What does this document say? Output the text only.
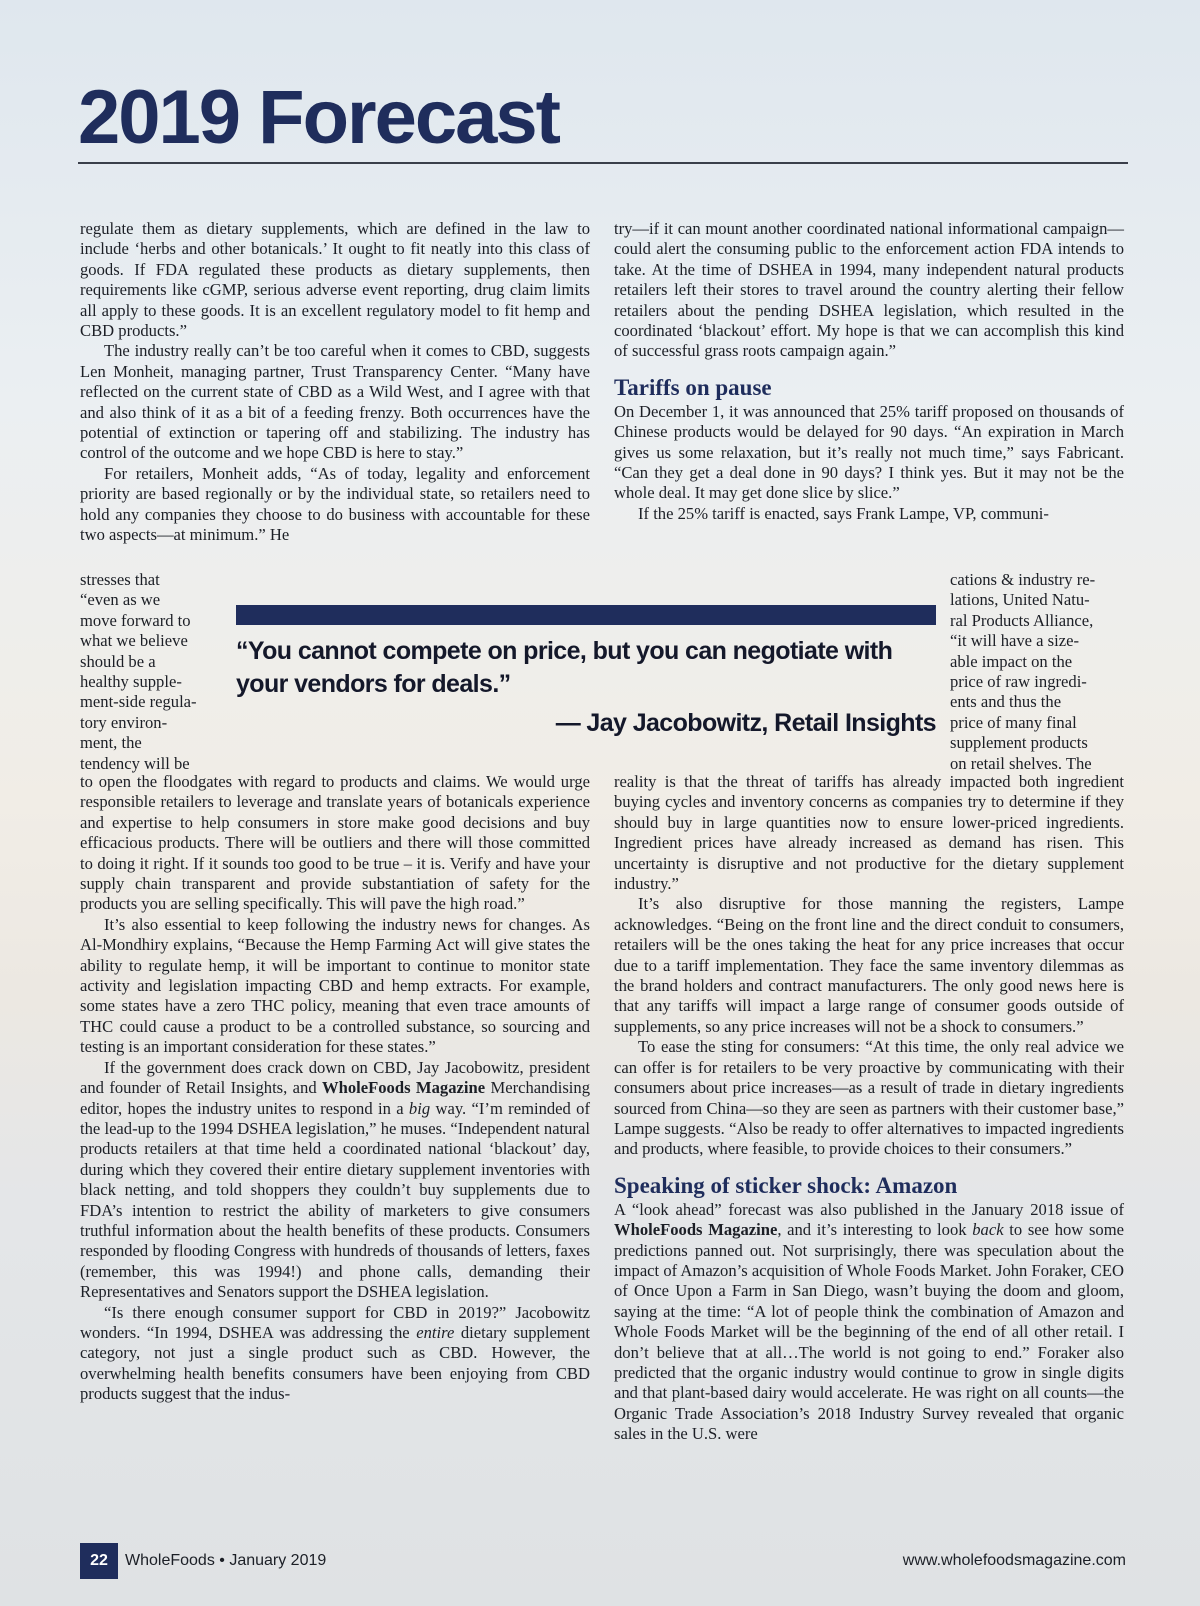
2019 Forecast

regulate them as dietary supplements, which are defined in the law to include ‘herbs and other botanicals.’ It ought to fit neatly into this class of goods. If FDA regulated these products as dietary supplements, then requirements like cGMP, serious adverse event reporting, drug claim limits all apply to these goods. It is an excellent regulatory model to fit hemp and CBD products.”

The industry really can’t be too careful when it comes to CBD, suggests Len Monheit, managing partner, Trust Transparency Center. “Many have reflected on the current state of CBD as a Wild West, and I agree with that and also think of it as a bit of a feeding frenzy. Both occurrences have the potential of extinction or tapering off and stabilizing. The industry has control of the outcome and we hope CBD is here to stay.”

For retailers, Monheit adds, “As of today, legality and enforcement priority are based regionally or by the individual state, so retailers need to hold any companies they choose to do business with accountable for these two aspects—at minimum.” He

stresses that
“even as we
move forward to
what we believe
should be a
healthy supple-
ment-side regula-
tory environ-
ment, the
tendency will be
“You cannot compete on price, but you can negotiate with your vendors for deals.”
— Jay Jacobowitz, Retail Insights

to open the floodgates with regard to products and claims. We would urge responsible retailers to leverage and translate years of botanicals experience and expertise to help consumers in store make good decisions and buy efficacious products. There will be outliers and there will those committed to doing it right. If it sounds too good to be true – it is. Verify and have your supply chain transparent and provide substantiation of safety for the products you are selling specifically. This will pave the high road.”

It’s also essential to keep following the industry news for changes. As Al-Mondhiry explains, “Because the Hemp Farming Act will give states the ability to regulate hemp, it will be important to continue to monitor state activity and legislation impacting CBD and hemp extracts. For example, some states have a zero THC policy, meaning that even trace amounts of THC could cause a product to be a controlled substance, so sourcing and testing is an important consideration for these states.”

If the government does crack down on CBD, Jay Jacobowitz, president and founder of Retail Insights, and WholeFoods Magazine Merchandising editor, hopes the industry unites to respond in a big way. “I’m reminded of the lead-up to the 1994 DSHEA legislation,” he muses. “Independent natural products retailers at that time held a coordinated national ‘blackout’ day, during which they covered their entire dietary supplement inventories with black netting, and told shoppers they couldn’t buy supplements due to FDA’s intention to restrict the ability of marketers to give consumers truthful information about the health benefits of these products. Consumers responded by flooding Congress with hundreds of thousands of letters, faxes (remember, this was 1994!) and phone calls, demanding their Representatives and Senators support the DSHEA legislation.

“Is there enough consumer support for CBD in 2019?” Jacobowitz wonders. “In 1994, DSHEA was addressing the entire dietary supplement category, not just a single product such as CBD. However, the overwhelming health benefits consumers have been enjoying from CBD products suggest that the indus-

try—if it can mount another coordinated national informational campaign—could alert the consuming public to the enforcement action FDA intends to take. At the time of DSHEA in 1994, many independent natural products retailers left their stores to travel around the country alerting their fellow retailers about the pending DSHEA legislation, which resulted in the coordinated ‘blackout’ effort. My hope is that we can accomplish this kind of successful grass roots campaign again.”

Tariffs on pause

On December 1, it was announced that 25% tariff proposed on thousands of Chinese products would be delayed for 90 days. “An expiration in March gives us some relaxation, but it’s really not much time,” says Fabricant. “Can they get a deal done in 90 days? I think yes. But it may not be the whole deal. It may get done slice by slice.”

If the 25% tariff is enacted, says Frank Lampe, VP, communi-

cations & industry re-
lations, United Natu-
ral Products Alliance,
“it will have a size-
able impact on the
price of raw ingredi-
ents and thus the
price of many final
supplement products
on retail shelves. The

reality is that the threat of tariffs has already impacted both ingredient buying cycles and inventory concerns as companies try to determine if they should buy in large quantities now to ensure lower-priced ingredients. Ingredient prices have already increased as demand has risen. This uncertainty is disruptive and not productive for the dietary supplement industry.”

It’s also disruptive for those manning the registers, Lampe acknowledges. “Being on the front line and the direct conduit to consumers, retailers will be the ones taking the heat for any price increases that occur due to a tariff implementation. They face the same inventory dilemmas as the brand holders and contract manufacturers. The only good news here is that any tariffs will impact a large range of consumer goods outside of supplements, so any price increases will not be a shock to consumers.”

To ease the sting for consumers: “At this time, the only real advice we can offer is for retailers to be very proactive by communicating with their consumers about price increases—as a result of trade in dietary ingredients sourced from China—so they are seen as partners with their customer base,” Lampe suggests. “Also be ready to offer alternatives to impacted ingredients and products, where feasible, to provide choices to their consumers.”

Speaking of sticker shock: Amazon

A “look ahead” forecast was also published in the January 2018 issue of WholeFoods Magazine, and it’s interesting to look back to see how some predictions panned out. Not surprisingly, there was speculation about the impact of Amazon’s acquisition of Whole Foods Market. John Foraker, CEO of Once Upon a Farm in San Diego, wasn’t buying the doom and gloom, saying at the time: “A lot of people think the combination of Amazon and Whole Foods Market will be the beginning of the end of all other retail. I don’t believe that at all…The world is not going to end.” Foraker also predicted that the organic industry would continue to grow in single digits and that plant-based dairy would accelerate. He was right on all counts—the Organic Trade Association’s 2018 Industry Survey revealed that organic sales in the U.S. were

22	WholeFoods • January 2019	www.wholefoodsmagazine.com
